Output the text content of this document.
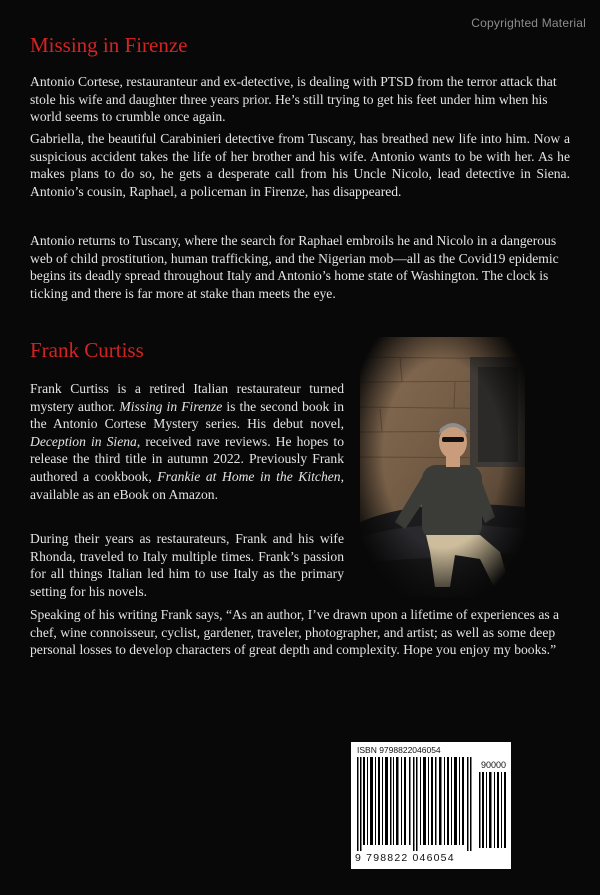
Copyrighted Material
Missing in Firenze

Antonio Cortese, restauranteur and ex-detective, is dealing with PTSD from the terror attack that stole his wife and daughter three years prior. He’s still trying to get his feet under him when his world seems to crumble once again.

Gabriella, the beautiful Carabinieri detective from Tuscany, has breathed new life into him. Now a suspicious accident takes the life of her brother and his wife. Antonio wants to be with her. As he makes plans to do so, he gets a desperate call from his Uncle Nicolo, lead detective in Siena. Antonio’s cousin, Raphael, a policeman in Firenze, has disappeared.

Antonio returns to Tuscany, where the search for Raphael embroils he and Nicolo in a dangerous web of child prostitution, human trafficking, and the Nigerian mob—all as the Covid19 epidemic begins its deadly spread throughout Italy and Antonio’s home state of Washington. The clock is ticking and there is far more at stake than meets the eye.

Frank Curtiss

Frank Curtiss is a retired Italian restaurateur turned mystery author. Missing in Firenze is the second book in the Antonio Cortese Mystery series. His debut novel, Deception in Siena, received rave reviews. He hopes to release the third title in autumn 2022. Previously Frank authored a cookbook, Frankie at Home in the Kitchen, available as an eBook on Amazon.

During their years as restaurateurs, Frank and his wife Rhonda, traveled to Italy multiple times. Frank’s passion for all things Italian led him to use Italy as the primary setting for his novels.

Speaking of his writing Frank says, “As an author, I’ve drawn upon a lifetime of experiences as a chef, wine connoisseur, cyclist, gardener, traveler, photographer, and artist; as well as some deep personal losses to develop characters of great depth and complexity. Hope you enjoy my books.”

ISBN 9798822046054
90000
9 798822 046054
